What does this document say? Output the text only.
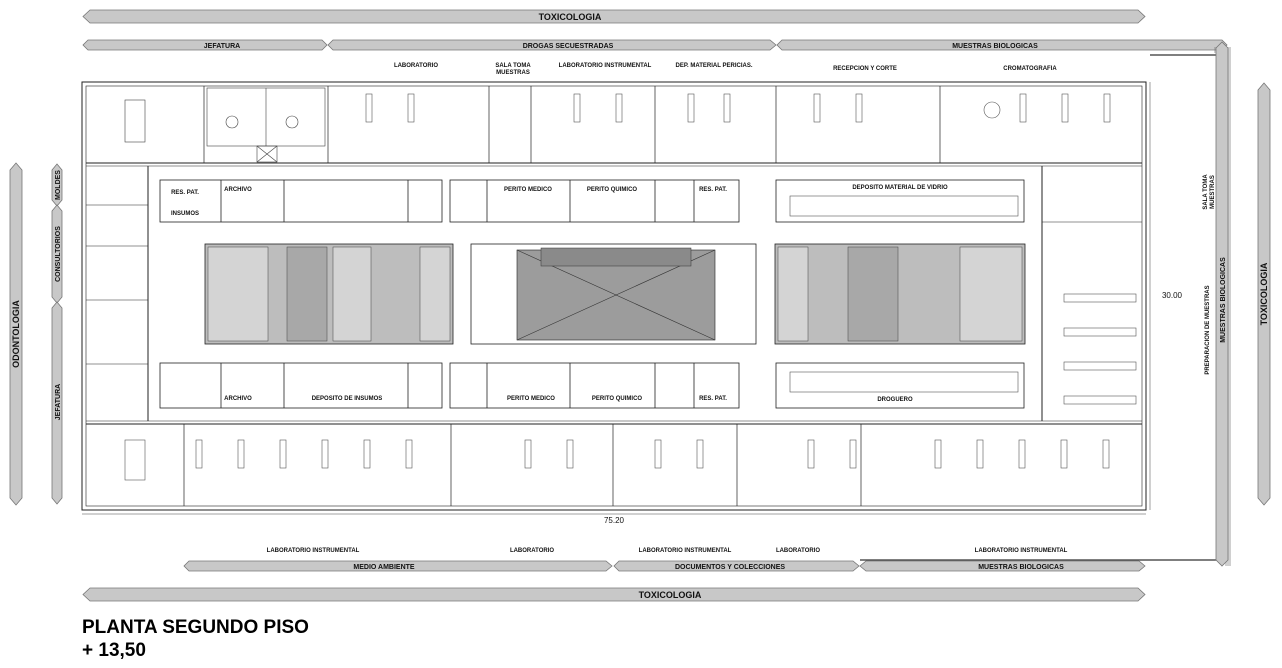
TOXICOLOGIA
JEFATURA	DROGAS SECUESTRADAS	MUESTRAS BIOLOGICAS
ODONTOLOGIA
MOLDES
CONSULTORIOS
JEFATURA
MUESTRAS BIOLOGICAS	TOXICOLOGIA
LABORATORIO	SALA TOMA
MUESTRAS
LABORATORIO INSTRUMENTAL	DEP. MATERIAL PERICIAS.	RECEPCION Y CORTE	CROMATOGRAFIA
RES. PAT.	ARCHIVO
INSUMOS
PERITO MEDICO	PERITO QUIMICO	RES. PAT.	DEPOSITO MATERIAL DE VIDRIO
ARCHIVO	DEPOSITO DE INSUMOS	PERITO MEDICO	PERITO QUIMICO	RES. PAT.	DROGUERO
SALA TOMA MUESTRAS
PREPARACION DE MUESTRAS
75.20
30.00
LABORATORIO INSTRUMENTAL	LABORATORIO	LABORATORIO INSTRUMENTAL	LABORATORIO	LABORATORIO INSTRUMENTAL
MEDIO AMBIENTE	DOCUMENTOS Y COLECCIONES	MUESTRAS BIOLOGICAS
TOXICOLOGIA
PLANTA SEGUNDO PISO
+ 13,50
